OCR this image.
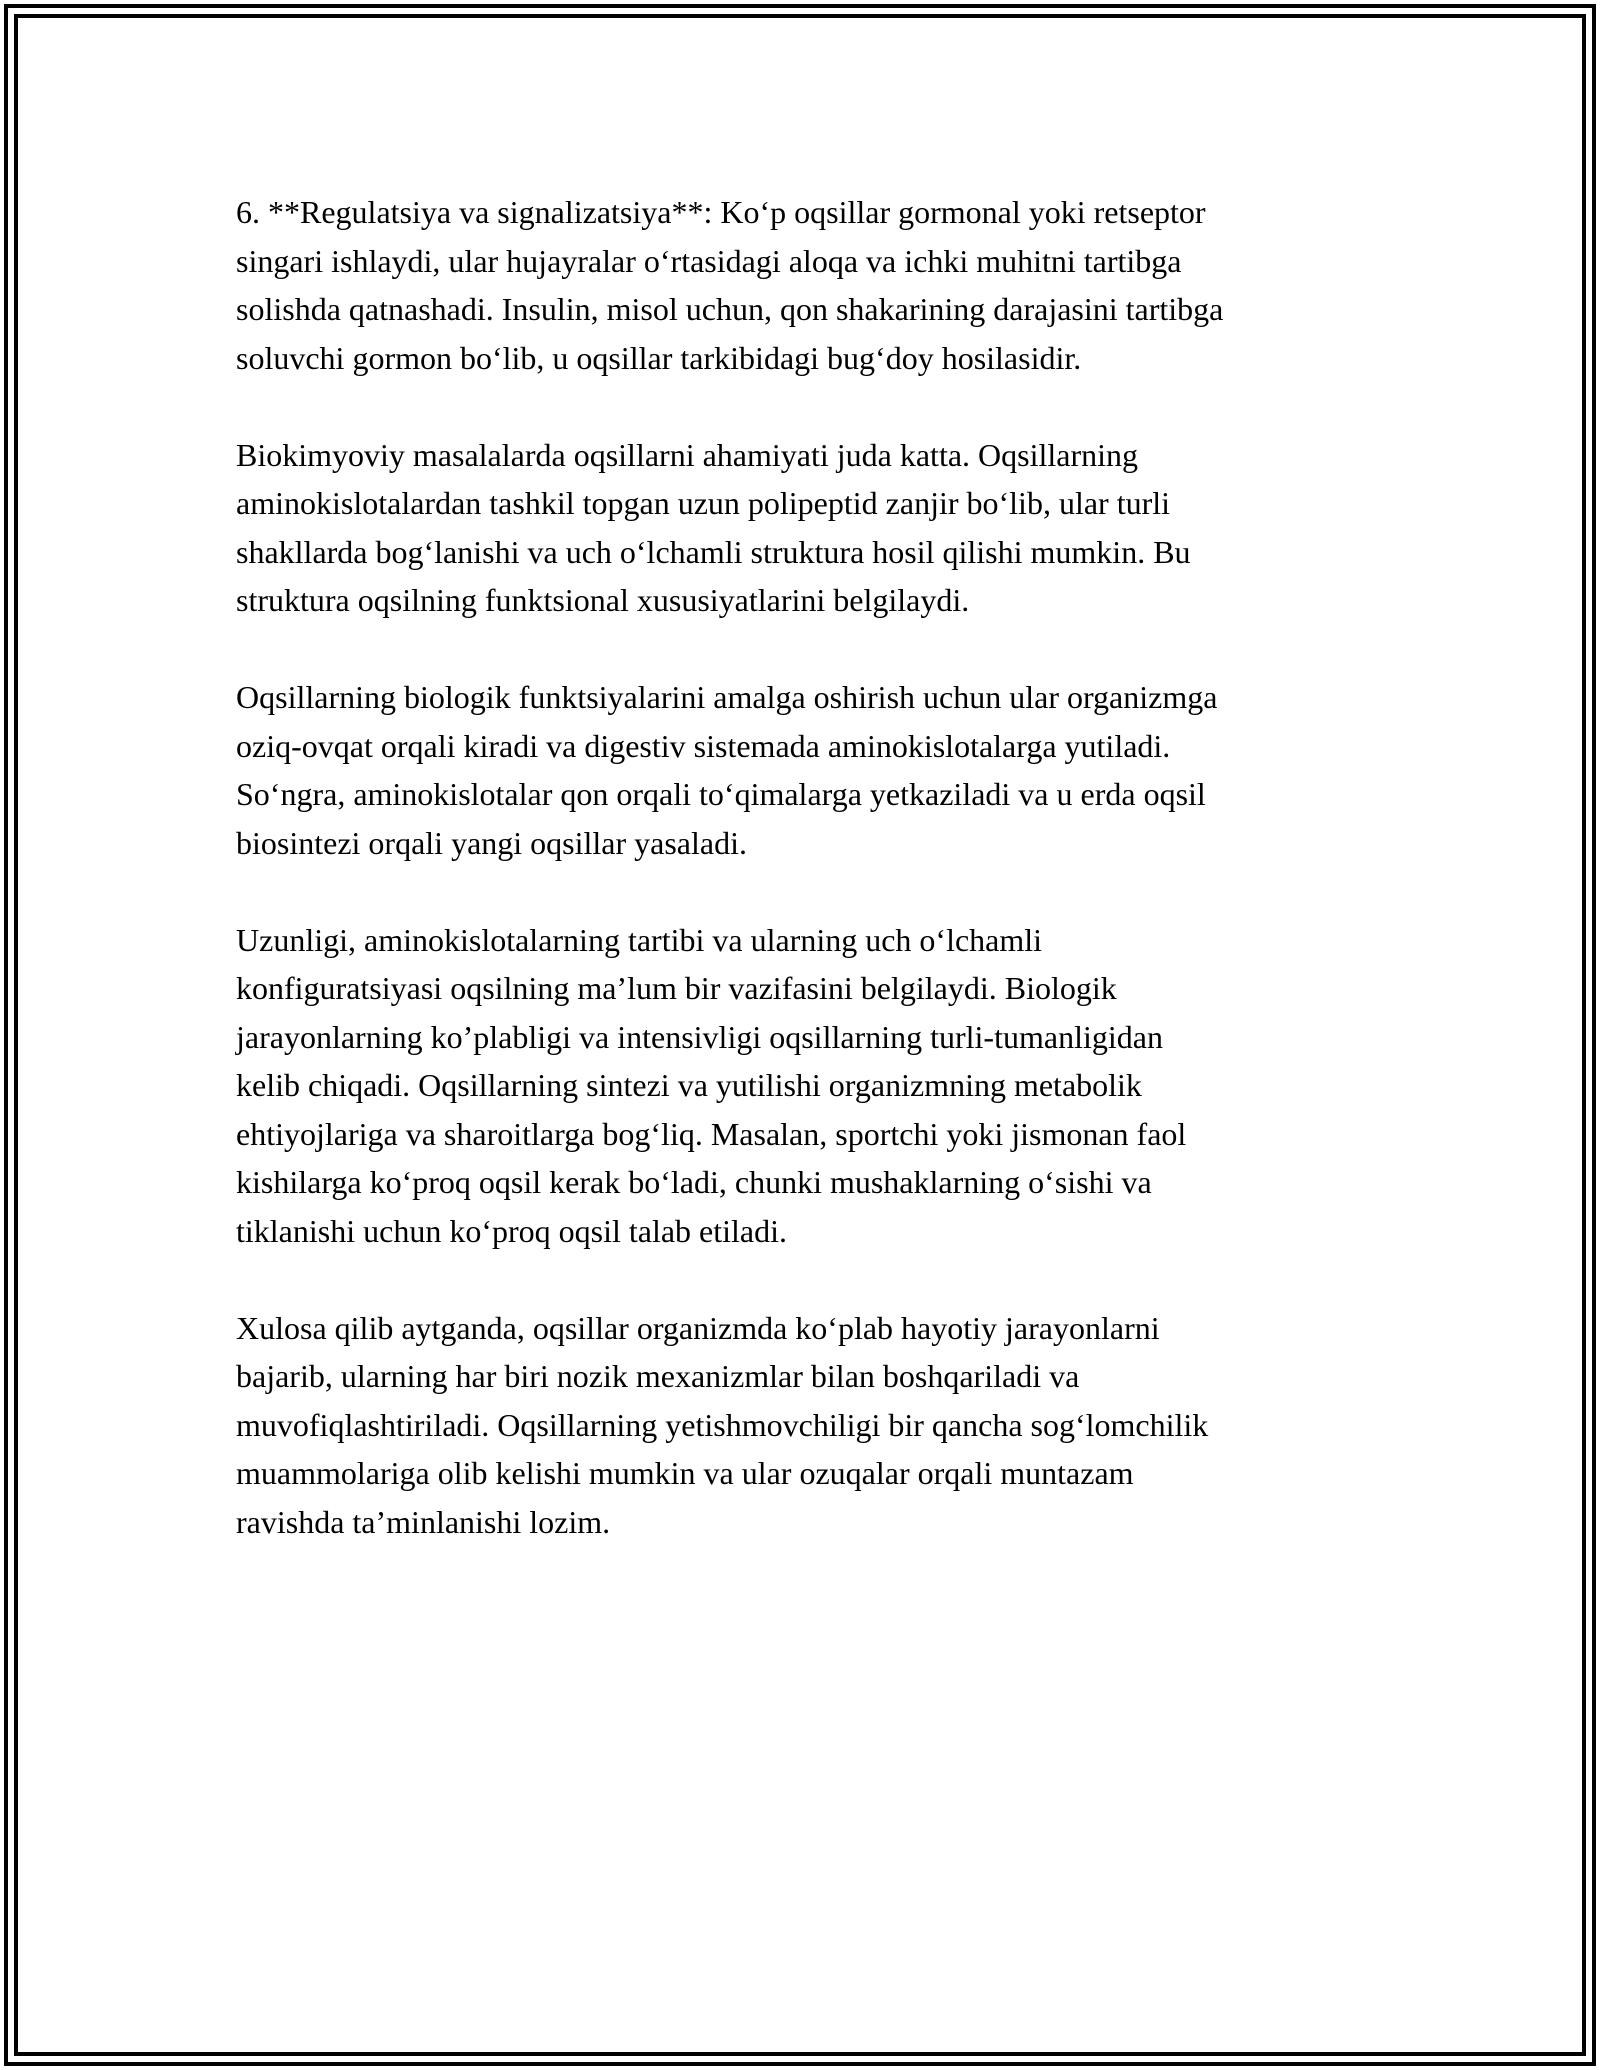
6. **Regulatsiya va signalizatsiya**: Ko‘p oqsillar gormonal yoki retseptor
singari ishlaydi, ular hujayralar o‘rtasidagi aloqa va ichki muhitni tartibga
solishda qatnashadi. Insulin, misol uchun, qon shakarining darajasini tartibga
soluvchi gormon bo‘lib, u oqsillar tarkibidagi bug‘doy hosilasidir.

Biokimyoviy masalalarda oqsillarni ahamiyati juda katta. Oqsillarning
aminokislotalardan tashkil topgan uzun polipeptid zanjir bo‘lib, ular turli
shakllarda bog‘lanishi va uch o‘lchamli struktura hosil qilishi mumkin. Bu
struktura oqsilning funktsional xususiyatlarini belgilaydi.

Oqsillarning biologik funktsiyalarini amalga oshirish uchun ular organizmga
oziq-ovqat orqali kiradi va digestiv sistemada aminokislotalarga yutiladi.
So‘ngra, aminokislotalar qon orqali to‘qimalarga yetkaziladi va u erda oqsil
biosintezi orqali yangi oqsillar yasaladi.

Uzunligi, aminokislotalarning tartibi va ularning uch o‘lchamli
konfiguratsiyasi oqsilning ma’lum bir vazifasini belgilaydi. Biologik
jarayonlarning ko’plabligi va intensivligi oqsillarning turli-tumanligidan
kelib chiqadi. Oqsillarning sintezi va yutilishi organizmning metabolik
ehtiyojlariga va sharoitlarga bog‘liq. Masalan, sportchi yoki jismonan faol
kishilarga ko‘proq oqsil kerak bo‘ladi, chunki mushaklarning o‘sishi va
tiklanishi uchun ko‘proq oqsil talab etiladi.

Xulosa qilib aytganda, oqsillar organizmda ko‘plab hayotiy jarayonlarni
bajarib, ularning har biri nozik mexanizmlar bilan boshqariladi va
muvofiqlashtiriladi. Oqsillarning yetishmovchiligi bir qancha sog‘lomchilik
muammolariga olib kelishi mumkin va ular ozuqalar orqali muntazam
ravishda ta’minlanishi lozim.
